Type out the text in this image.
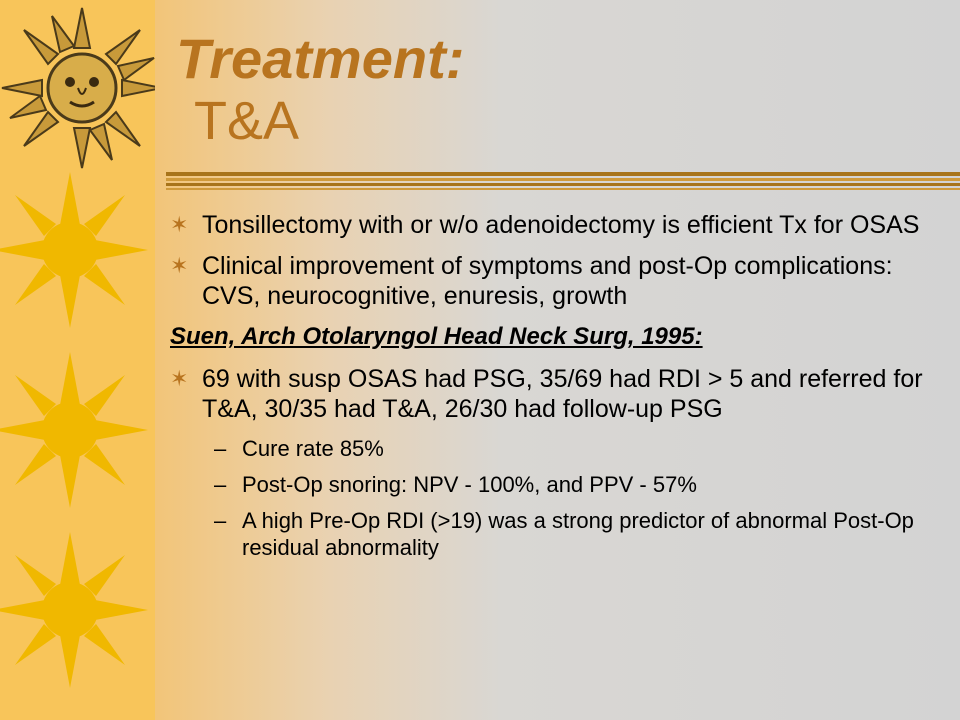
Treatment:
T&A
✶ Tonsillectomy with or w/o adenoidectomy is efficient Tx for OSAS
✶ Clinical improvement of symptoms and post-Op complications: CVS, neurocognitive, enuresis, growth
Suen, Arch Otolaryngol Head Neck Surg, 1995:
✶ 69 with susp OSAS had PSG, 35/69 had RDI > 5 and referred for T&A, 30/35 had T&A, 26/30 had follow-up PSG
– Cure rate 85%
– Post-Op snoring: NPV - 100%, and PPV - 57%
– A high Pre-Op RDI (>19) was a strong predictor of abnormal Post-Op residual abnormality
